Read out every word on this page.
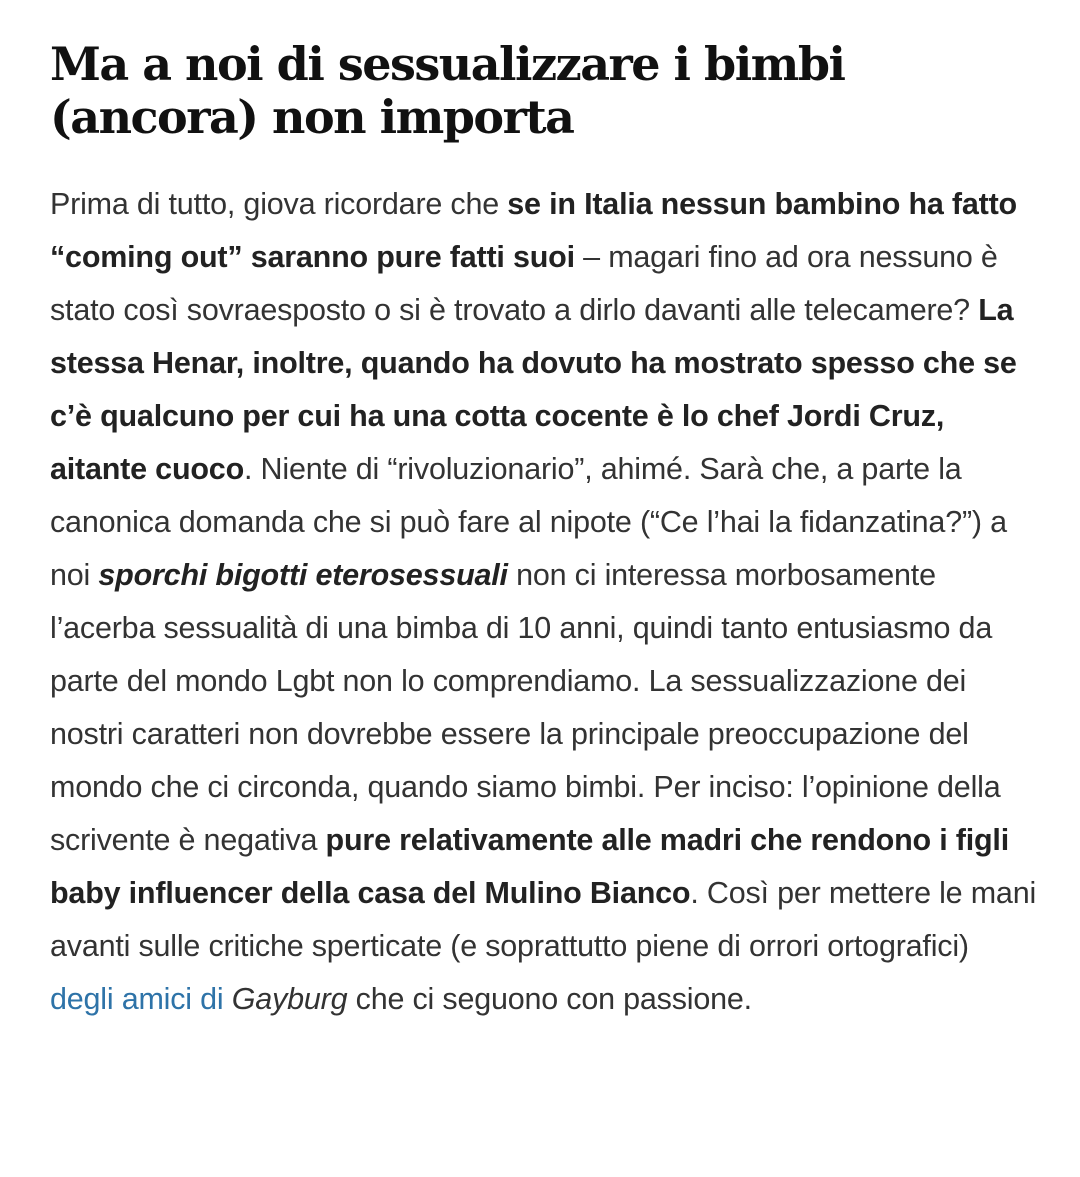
Ma a noi di sessualizzare i bimbi
(ancora) non importa

Prima di tutto, giova ricordare che se in Italia nessun bambino ha fatto “coming out” saranno pure fatti suoi – magari fino ad ora nessuno è stato così sovraesposto o si è trovato a dirlo davanti alle telecamere? La stessa Henar, inoltre, quando ha dovuto ha mostrato spesso che se c’è qualcuno per cui ha una cotta cocente è lo chef Jordi Cruz, aitante cuoco. Niente di “rivoluzionario”, ahimé. Sarà che, a parte la canonica domanda che si può fare al nipote (“Ce l’hai la fidanzatina?”) a noi sporchi bigotti eterosessuali non ci interessa morbosamente l’acerba sessualità di una bimba di 10 anni, quindi tanto entusiasmo da parte del mondo Lgbt non lo comprendiamo. La sessualizzazione dei nostri caratteri non dovrebbe essere la principale preoccupazione del mondo che ci circonda, quando siamo bimbi. Per inciso: l’opinione della scrivente è negativa pure relativamente alle madri che rendono i figli baby influencer della casa del Mulino Bianco. Così per mettere le mani avanti sulle critiche sperticate (e soprattutto piene di orrori ortografici) degli amici di Gayburg che ci seguono con passione.
